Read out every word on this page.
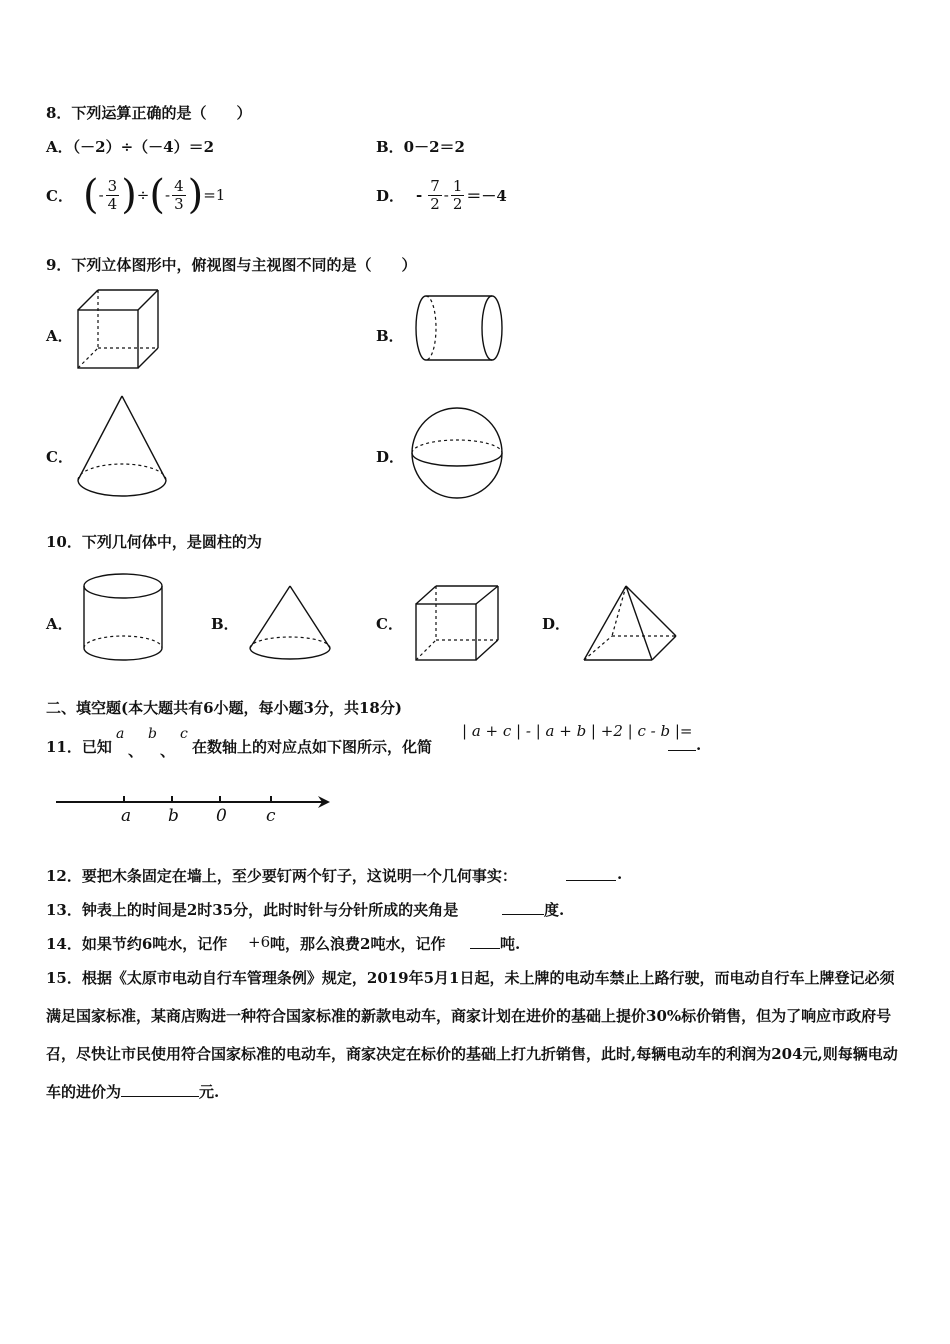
8．下列运算正确的是（　　）
A．（－2）÷（－4）＝2	B．0－2＝2
C． ( - $\frac{3}{4}$ ) ÷ ( - $\frac{4}{3}$ ) =1	D． - $\frac{7}{2} - \frac{1}{2} =-4$
9．下列立体图形中，俯视图与主视图不同的是（　　）
A．	B．
C．	D．
10．下列几何体中，是圆柱的为
A．	B．	C．	D．
二、填空题(本大题共有6小题，每小题3分，共18分)
11．已知
a
、
b
、
c
在数轴上的对应点如下图所示，化简
| a + c | - | a + b | +2 | c - b |=
.
a b 0 c
12．要把木条固定在墙上，至少要钉两个钉子，这说明一个几何事实：	.
13．钟表上的时间是2时35分，此时时针与分针所成的夹角是	度.
14．如果节约6吨水，记作 +6 吨，那么浪费2吨水，记作	吨.
15．根据《太原市电动自行车管理条例》规定，2019年5月1日起，未上牌的电动车禁止上路行驶，而电动自行车上牌登记必须满足国家标准，某商店购进一种符合国家标准的新款电动车，商家计划在进价的基础上提价30%标价销售，但为了响应市政府号召，尽快让市民使用符合国家标准的电动车，商家决定在标价的基础上打九折销售，此时,每辆电动车的利润为204元,则每辆电动车的进价为	元.
